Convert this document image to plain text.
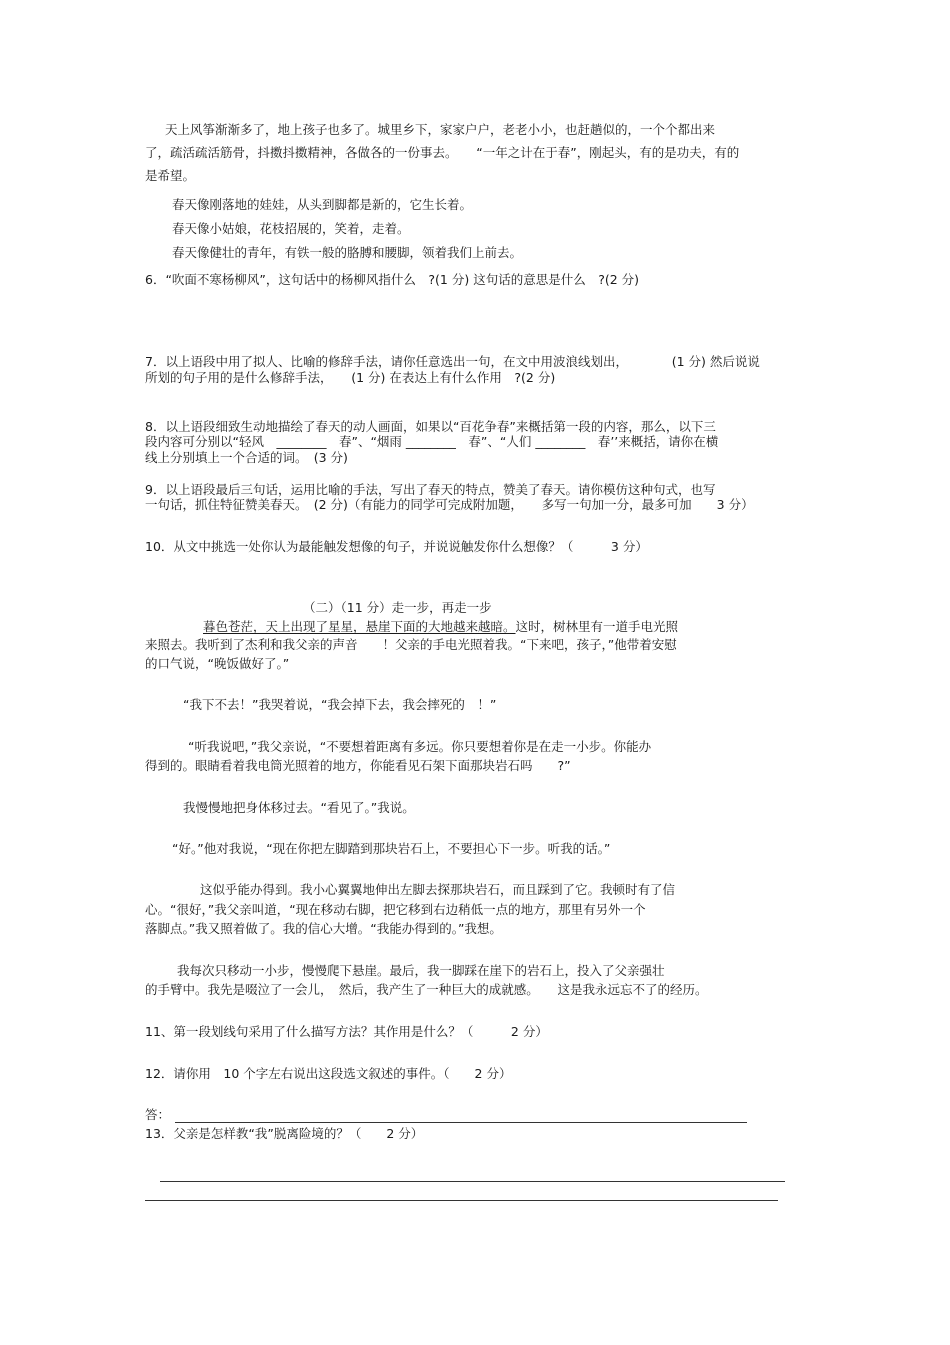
天上风筝渐渐多了，地上孩子也多了。城里乡下，家家户户，老老小小，也赶趟似的，一个个都出来
了，疏活疏活筋骨，抖擞抖擞精神，各做各的一份事去。　　“一年之计在于春”，刚起头，有的是功夫，有的
是希望。
春天像刚落地的娃娃，从头到脚都是新的，它生长着。
春天像小姑娘，花枝招展的，笑着，走着。
春天像健壮的青年，有铁一般的胳膊和腰脚，领着我们上前去。
6．“吹面不寒杨柳风”，这句话中的杨柳风指什么　?(1 分) 这句话的意思是什么　?(2 分)
7．以上语段中用了拟人、比喻的修辞手法，请你任意选出一句，在文中用波浪线划出，　　　　(1 分) 然后说说
所划的句子用的是什么修辞手法，　　(1 分) 在表达上有什么作用　?(2 分)
8．以上语段细致生动地描绘了春天的动人画面，如果以“百花争春”来概括第一段的内容，那么，以下三
段内容可分别以“轻风　________　春”、“烟雨 ________　春”、“人们 ________　春’’来概括，请你在横
线上分别填上一个合适的词。　(3 分)
9．以上语段最后三句话，运用比喻的手法，写出了春天的特点，赞美了春天。请你模仿这种句式，也写
一句话，抓住特征赞美春天。　(2 分)（有能力的同学可完成附加题，　　多写一句加一分，最多可加　　3 分）
10．从文中挑选一处你认为最能触发想像的句子，并说说触发你什么想像？（　　　3 分）
（二）（11 分）走一步，再走一步
暮色苍茫，天上出现了星星，悬崖下面的大地越来越暗。这时，树林里有一道手电光照
来照去。我听到了杰利和我父亲的声音　　！父亲的手电光照着我。“下来吧，孩子，”他带着安慰
的口气说，“晚饭做好了。”
“我下不去！”我哭着说，“我会掉下去，我会摔死的　！”
“听我说吧，”我父亲说，“不要想着距离有多远。你只要想着你是在走一小步。你能办
得到的。眼睛看着我电筒光照着的地方，你能看见石架下面那块岩石吗　　?”
我慢慢地把身体移过去。“看见了。”我说。
“好。”他对我说，“现在你把左脚踏到那块岩石上，不要担心下一步。听我的话。”
这似乎能办得到。我小心翼翼地伸出左脚去探那块岩石，而且踩到了它。我顿时有了信
心。“很好，”我父亲叫道，“现在移动右脚，把它移到右边稍低一点的地方，那里有另外一个
落脚点。”我又照着做了。我的信心大增。“我能办得到的。”我想。
我每次只移动一小步，慢慢爬下悬崖。最后，我一脚踩在崖下的岩石上，投入了父亲强壮
的手臂中。我先是啜泣了一会儿，　然后，我产生了一种巨大的成就感。　　这是我永远忘不了的经历。
11、第一段划线句采用了什么描写方法？其作用是什么？（　　　2 分）
12．请你用　10 个字左右说出这段选文叙述的事件。（　　2 分）
答：
13．父亲是怎样教“我”脱离险境的？（　　2 分）
